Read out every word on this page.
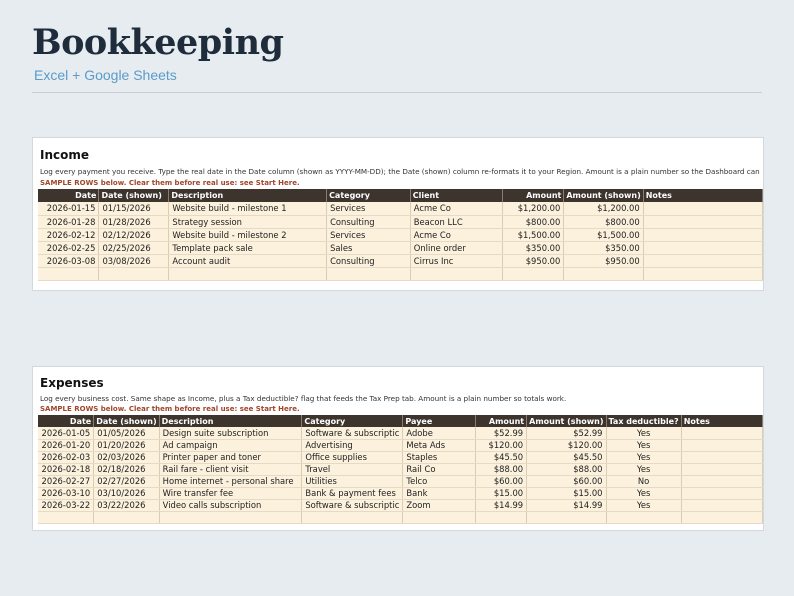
Bookkeeping
Excel + Google Sheets
Income
Log every payment you receive. Type the real date in the Date column (shown as YYYY-MM-DD); the Date (shown) column re-formats it to your Region. Amount is a plain number so the Dashboard can
SAMPLE ROWS below. Clear them before real use: see Start Here.
Date	Date (shown)	Description	Category	Client	Amount	Amount (shown)	Notes
2026-01-15	01/15/2026	Website build - milestone 1	Services	Acme Co	$1,200.00	$1,200.00	
2026-01-28	01/28/2026	Strategy session	Consulting	Beacon LLC	$800.00	$800.00	
2026-02-12	02/12/2026	Website build - milestone 2	Services	Acme Co	$1,500.00	$1,500.00	
2026-02-25	02/25/2026	Template pack sale	Sales	Online order	$350.00	$350.00	
2026-03-08	03/08/2026	Account audit	Consulting	Cirrus Inc	$950.00	$950.00	

Expenses
Log every business cost. Same shape as Income, plus a Tax deductible? flag that feeds the Tax Prep tab. Amount is a plain number so totals work.
SAMPLE ROWS below. Clear them before real use: see Start Here.
Date	Date (shown)	Description	Category	Payee	Amount	Amount (shown)	Tax deductible?	Notes
2026-01-05	01/05/2026	Design suite subscription	Software & subscriptic	Adobe	$52.99	$52.99	Yes	
2026-01-20	01/20/2026	Ad campaign	Advertising	Meta Ads	$120.00	$120.00	Yes	
2026-02-03	02/03/2026	Printer paper and toner	Office supplies	Staples	$45.50	$45.50	Yes	
2026-02-18	02/18/2026	Rail fare - client visit	Travel	Rail Co	$88.00	$88.00	Yes	
2026-02-27	02/27/2026	Home internet - personal share	Utilities	Telco	$60.00	$60.00	No	
2026-03-10	03/10/2026	Wire transfer fee	Bank & payment fees	Bank	$15.00	$15.00	Yes	
2026-03-22	03/22/2026	Video calls subscription	Software & subscriptic	Zoom	$14.99	$14.99	Yes	
